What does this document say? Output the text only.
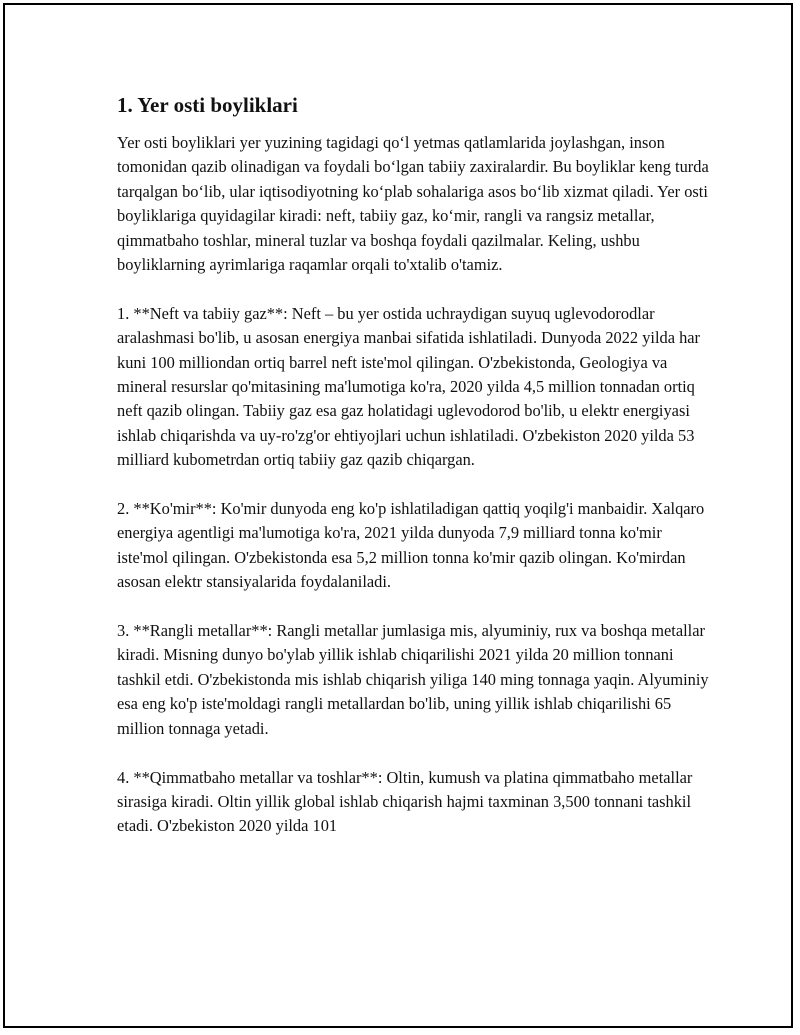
1. Yer osti boyliklari

Yer osti boyliklari yer yuzining tagidagi qo‘l yetmas qatlamlarida joylashgan, inson tomonidan qazib olinadigan va foydali bo‘lgan tabiiy zaxiralardir. Bu boyliklar keng turda tarqalgan bo‘lib, ular iqtisodiyotning ko‘plab sohalariga asos bo‘lib xizmat qiladi. Yer osti boyliklariga quyidagilar kiradi: neft, tabiiy gaz, ko‘mir, rangli va rangsiz metallar, qimmatbaho toshlar, mineral tuzlar va boshqa foydali qazilmalar. Keling, ushbu boyliklarning ayrimlariga raqamlar orqali to'xtalib o'tamiz.

1. **Neft va tabiiy gaz**: Neft – bu yer ostida uchraydigan suyuq uglevodorodlar aralashmasi bo'lib, u asosan energiya manbai sifatida ishlatiladi. Dunyoda 2022 yilda har kuni 100 milliondan ortiq barrel neft iste'mol qilingan. O'zbekistonda, Geologiya va mineral resurslar qo'mitasining ma'lumotiga ko'ra, 2020 yilda 4,5 million tonnadan ortiq neft qazib olingan. Tabiiy gaz esa gaz holatidagi uglevodorod bo'lib, u elektr energiyasi ishlab chiqarishda va uy-ro'zg'or ehtiyojlari uchun ishlatiladi. O'zbekiston 2020 yilda 53 milliard kubometrdan ortiq tabiiy gaz qazib chiqargan.

2. **Ko'mir**: Ko'mir dunyoda eng ko'p ishlatiladigan qattiq yoqilg'i manbaidir. Xalqaro energiya agentligi ma'lumotiga ko'ra, 2021 yilda dunyoda 7,9 milliard tonna ko'mir iste'mol qilingan. O'zbekistonda esa 5,2 million tonna ko'mir qazib olingan. Ko'mirdan asosan elektr stansiyalarida foydalaniladi.

3. **Rangli metallar**: Rangli metallar jumlasiga mis, alyuminiy, rux va boshqa metallar kiradi. Misning dunyo bo'ylab yillik ishlab chiqarilishi 2021 yilda 20 million tonnani tashkil etdi. O'zbekistonda mis ishlab chiqarish yiliga 140 ming tonnaga yaqin. Alyuminiy esa eng ko'p iste'moldagi rangli metallardan bo'lib, uning yillik ishlab chiqarilishi 65 million tonnaga yetadi.

4. **Qimmatbaho metallar va toshlar**: Oltin, kumush va platina qimmatbaho metallar sirasiga kiradi. Oltin yillik global ishlab chiqarish hajmi taxminan 3,500 tonnani tashkil etadi. O'zbekiston 2020 yilda 101
